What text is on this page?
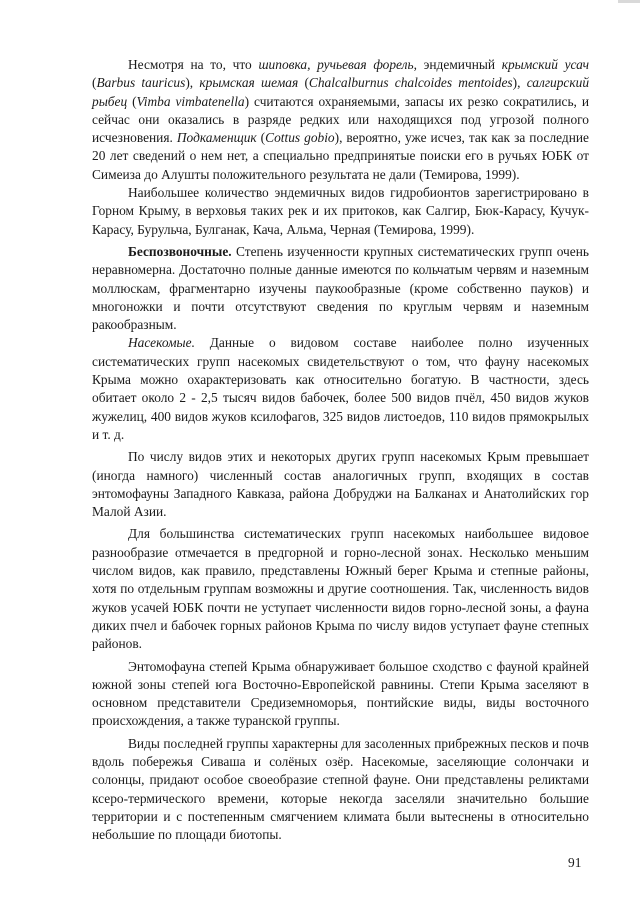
Несмотря на то, что шиповка, ручьевая форель, эндемичный крымский усач (Barbus tauricus), крымская шемая (Chalcalburnus chalcoides mentoides), салгирский рыбец (Vimba vimbatenella) считаются охраняемыми, запасы их резко сократились, и сейчас они оказались в разряде редких или находящихся под угрозой полного исчезновения. Подкаменщик (Cottus gobio), вероятно, уже исчез, так как за последние 20 лет сведений о нем нет, а специально предпринятые поиски его в ручьях ЮБК от Симеиза до Алушты положительного результата не дали (Темирова, 1999).

Наибольшее количество эндемичных видов гидробионтов зарегистрировано в Горном Крыму, в верховья таких рек и их притоков, как Салгир, Бюк-Карасу, Кучук-Карасу, Бурульча, Булганак, Кача, Альма, Черная (Темирова, 1999).

Беспозвоночные. Степень изученности крупных систематических групп очень неравномерна. Достаточно полные данные имеются по кольчатым червям и наземным моллюскам, фрагментарно изучены паукообразные (кроме собственно пауков) и многоножки и почти отсутствуют сведения по круглым червям и наземным ракообразным.

Насекомые. Данные о видовом составе наиболее полно изученных систематических групп насекомых свидетельствуют о том, что фауну насекомых Крыма можно охарактеризовать как относительно богатую. В частности, здесь обитает около 2 - 2,5 тысяч видов бабочек, более 500 видов пчёл, 450 видов жуков жужелиц, 400 видов жуков ксилофагов, 325 видов листоедов, 110 видов прямокрылых и т. д.

По числу видов этих и некоторых других групп насекомых Крым превышает (иногда намного) численный состав аналогичных групп, входящих в состав энтомофауны Западного Кавказа, района Добруджи на Балканах и Анатолийских гор Малой Азии.

Для большинства систематических групп насекомых наибольшее видовое разнообразие отмечается в предгорной и горно-лесной зонах. Несколько меньшим числом видов, как правило, представлены Южный берег Крыма и степные районы, хотя по отдельным группам возможны и другие соотношения. Так, численность видов жуков усачей ЮБК почти не уступает численности видов горно-лесной зоны, а фауна диких пчел и бабочек горных районов Крыма по числу видов уступает фауне степных районов.

Энтомофауна степей Крыма обнаруживает большое сходство с фауной крайней южной зоны степей юга Восточно-Европейской равнины. Степи Крыма заселяют в основном представители Средиземноморья, понтийские виды, виды восточного происхождения, а также туранской группы.

Виды последней группы характерны для засоленных прибрежных песков и почв вдоль побережья Сиваша и солёных озёр. Насекомые, заселяющие солончаки и солонцы, придают особое своеобразие степной фауне. Они представлены реликтами ксеро-термического времени, которые некогда заселяли значительно большие территории и с постепенным смягчением климата были вытеснены в относительно небольшие по площади биотопы.

91
